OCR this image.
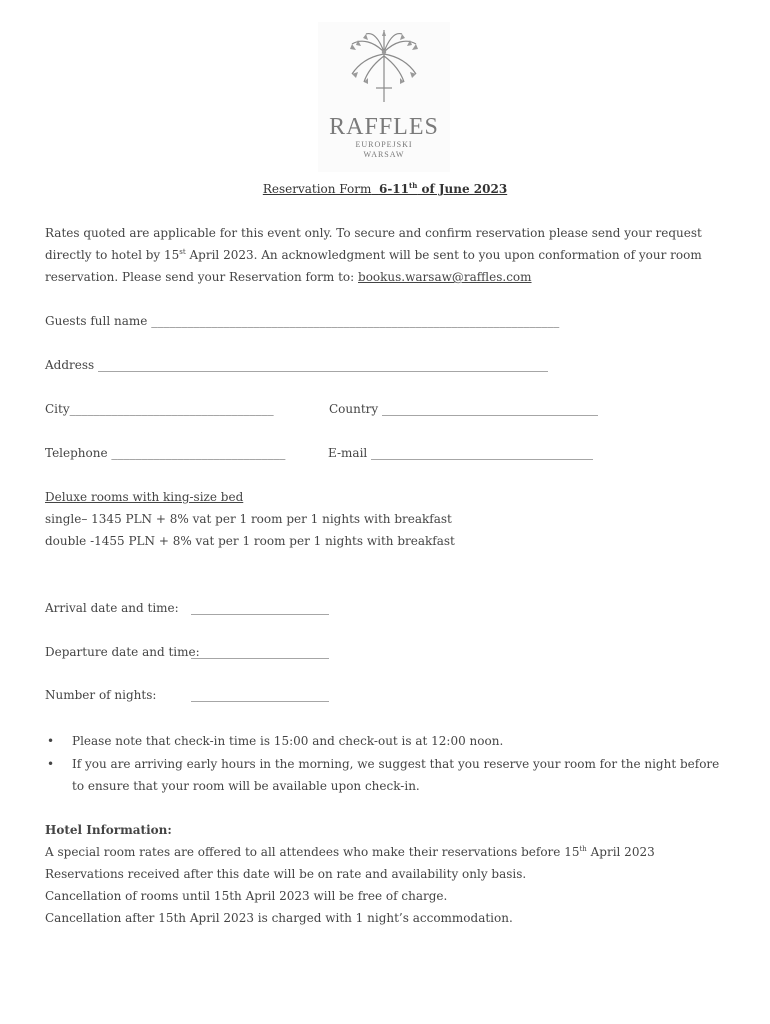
RAFFLES
EUROPEJSKI
WARSAW
Reservation Form 6-11th of June 2023
Rates quoted are applicable for this event only. To secure and confirm reservation please send your request directly to hotel by 15st April 2023. An acknowledgment will be sent to you upon conformation of your room reservation. Please send your Reservation form to: bookus.warsaw@raffles.com
Guests full name ____________________________________________________________________
Address ___________________________________________________________________________
City__________________________________	Country ____________________________________
Telephone _____________________________	E-mail _____________________________________
Deluxe rooms with king-size bed
single– 1345 PLN + 8% vat per 1 room per 1 nights with breakfast
double -1455 PLN + 8% vat per 1 room per 1 nights with breakfast
Arrival date and time: _______________________
Departure date and time:
_______________________
Number of nights:	_______________________
• Please note that check-in time is 15:00 and check-out is at 12:00 noon.
• If you are arriving early hours in the morning, we suggest that you reserve your room for the night before to ensure that your room will be available upon check-in.
Hotel Information:
A special room rates are offered to all attendees who make their reservations before 15th April 2023
Reservations received after this date will be on rate and availability only basis.
Cancellation of rooms until 15th April 2023 will be free of charge.
Cancellation after 15th April 2023 is charged with 1 night’s accommodation.
